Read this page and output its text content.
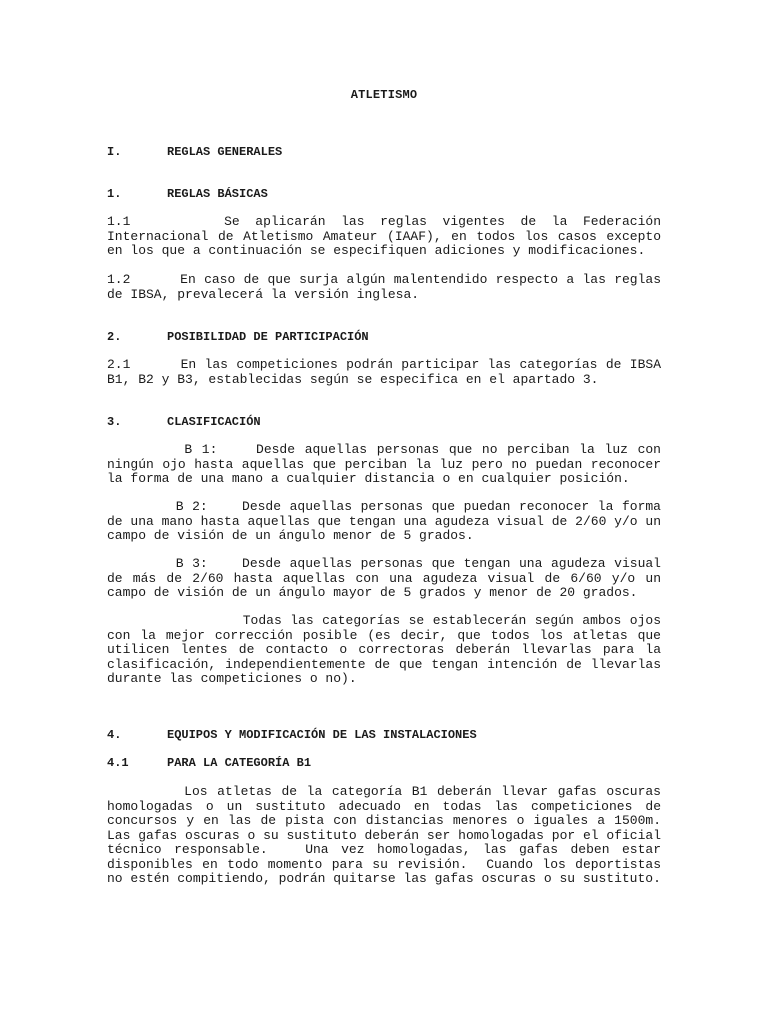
ATLETISMO
I.	REGLAS GENERALES
1.	REGLAS BÁSICAS
1.1      Se aplicarán las reglas vigentes de la Federación Internacional de Atletismo Amateur (IAAF), en todos los casos excepto en los que a continuación se especifiquen adiciones y modificaciones.
1.2      En caso de que surja algún malentendido respecto a las reglas de IBSA, prevalecerá la versión inglesa.
2.	POSIBILIDAD DE PARTICIPACIÓN
2.1      En las competiciones podrán participar las categorías de IBSA B1, B2 y B3, establecidas según se especifica en el apartado 3.
3.	CLASIFICACIÓN
B 1:    Desde aquellas personas que no perciban la luz con ningún ojo hasta aquellas que perciban la luz pero no puedan reconocer la forma de una mano a cualquier distancia o en cualquier posición.
B 2:    Desde aquellas personas que puedan reconocer la forma de una mano hasta aquellas que tengan una agudeza visual de 2/60 y/o un campo de visión de un ángulo menor de 5 grados.
B 3:    Desde aquellas personas que tengan una agudeza visual de más de 2/60 hasta aquellas con una agudeza visual de 6/60 y/o un campo de visión de un ángulo mayor de 5 grados y menor de 20 grados.
Todas las categorías se establecerán según ambos ojos con la mejor corrección posible (es decir, que todos los atletas que utilicen lentes de contacto o correctoras deberán llevarlas para la clasificación, independientemente de que tengan intención de llevarlas durante las competiciones o no).
4.	EQUIPOS Y MODIFICACIÓN DE LAS INSTALACIONES
4.1	PARA LA CATEGORÍA B1
Los atletas de la categoría B1 deberán llevar gafas oscuras homologadas o un sustituto adecuado en todas las competiciones de concursos y en las de pista con distancias menores o iguales a 1500m. Las gafas oscuras o su sustituto deberán ser homologadas por el oficial técnico responsable.   Una vez homologadas, las gafas deben estar disponibles en todo momento para su revisión.  Cuando los deportistas no estén compitiendo, podrán quitarse las gafas oscuras o su sustituto.
